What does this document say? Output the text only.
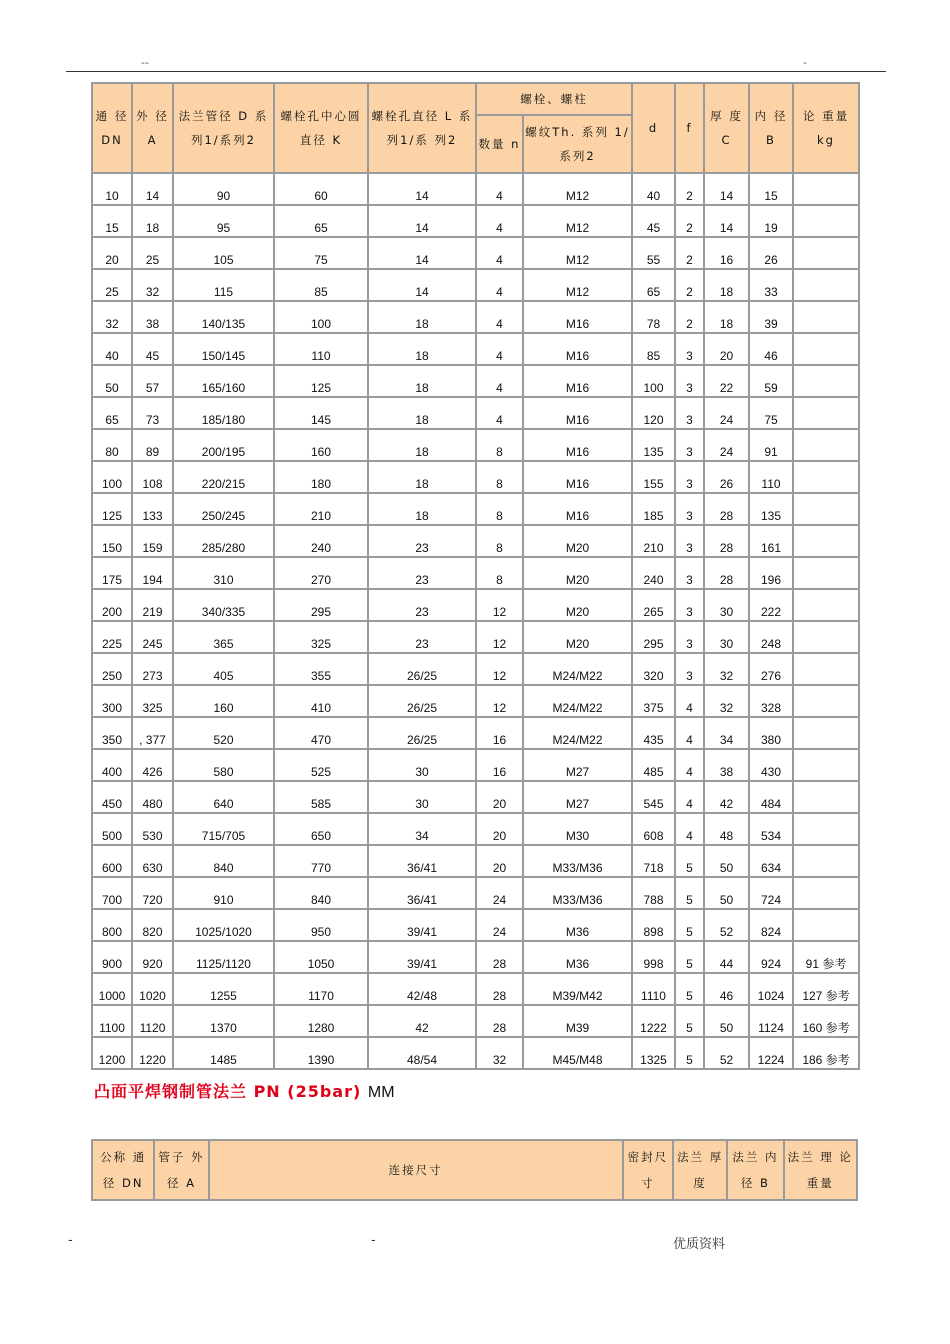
--	-
通 径 DN	外 径 A	法兰管径 D 系列1/系列2	螺栓孔中心圆 直径 K	螺栓孔直径 L 系列1/系 列2	螺栓、螺柱		d	f	厚 度 C	内 径 B	论 重量 kg
					数量 n	螺纹Th. 系列 1/系列2					
10	14	90	60	14	4	M12	40	2	14	15	
15	18	95	65	14	4	M12	45	2	14	19	
20	25	105	75	14	4	M12	55	2	16	26	
25	32	115	85	14	4	M12	65	2	18	33	
32	38	140/135	100	18	4	M16	78	2	18	39	
40	45	150/145	110	18	4	M16	85	3	20	46	
50	57	165/160	125	18	4	M16	100	3	22	59	
65	73	185/180	145	18	4	M16	120	3	24	75	
80	89	200/195	160	18	8	M16	135	3	24	91	
100	108	220/215	180	18	8	M16	155	3	26	110	
125	133	250/245	210	18	8	M16	185	3	28	135	
150	159	285/280	240	23	8	M20	210	3	28	161	
175	194	310	270	23	8	M20	240	3	28	196	
200	219	340/335	295	23	12	M20	265	3	30	222	
225	245	365	325	23	12	M20	295	3	30	248	
250	273	405	355	26/25	12	M24/M22	320	3	32	276	
300	325	160	410	26/25	12	M24/M22	375	4	32	328	
350	, 377	520	470	26/25	16	M24/M22	435	4	34	380	
400	426	580	525	30	16	M27	485	4	38	430	
450	480	640	585	30	20	M27	545	4	42	484	
500	530	715/705	650	34	20	M30	608	4	48	534	
600	630	840	770	36/41	20	M33/M36	718	5	50	634	
700	720	910	840	36/41	24	M33/M36	788	5	50	724	
800	820	1025/1020	950	39/41	24	M36	898	5	52	824	
900	920	1125/1120	1050	39/41	28	M36	998	5	44	924	91 参考
1000	1020	1255	1170	42/48	28	M39/M42	1110	5	46	1024	127 参考
1100	1120	1370	1280	42	28	M39	1222	5	50	1124	160 参考
1200	1220	1485	1390	48/54	32	M45/M48	1325	5	52	1224	186 参考
凸面平焊钢制管法兰 PN (25bar) MM
公称 通 径 DN	管子 外径 A	连接尺寸	密封尺 寸	法兰 厚度	法兰 内径 B	法兰 理 论 重量
-	-	优质资料
